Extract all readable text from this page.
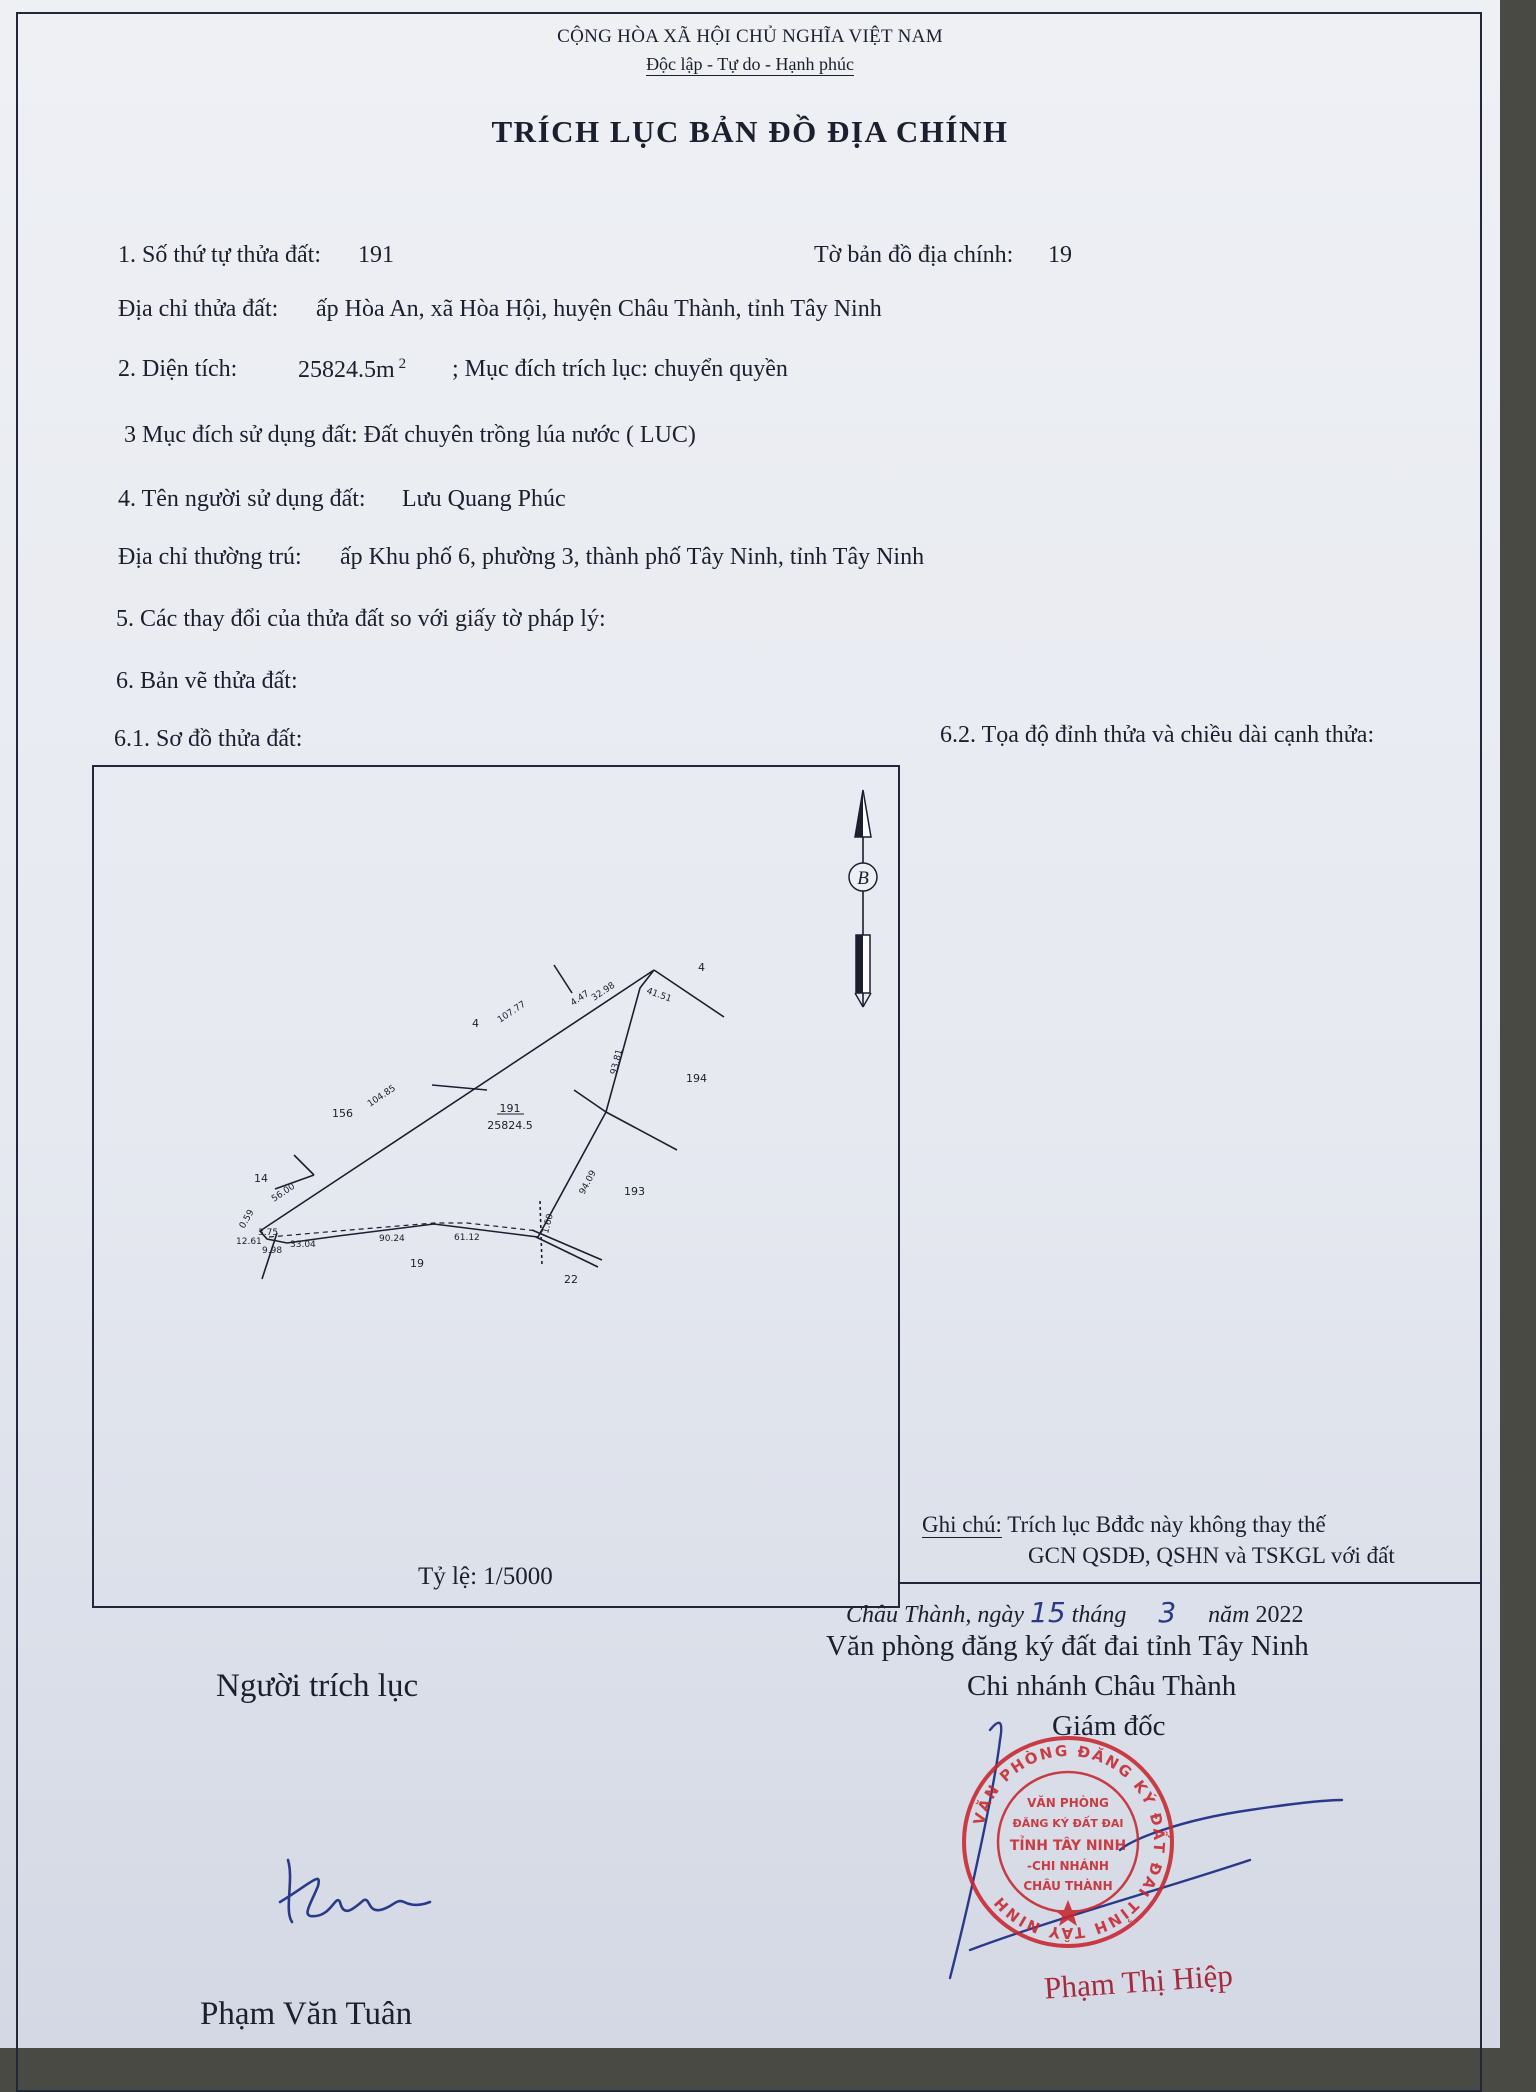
CỘNG HÒA XÃ HỘI CHỦ NGHĨA VIỆT NAM
Độc lập - Tự do - Hạnh phúc
TRÍCH LỤC BẢN ĐỒ ĐỊA CHÍNH
1. Số thứ tự thửa đất: 191	Tờ bản đồ địa chính: 19
Địa chỉ thửa đất: ấp Hòa An, xã Hòa Hội, huyện Châu Thành, tỉnh Tây Ninh
2. Diện tích:	25824.5m $^2$ ; Mục đích trích lục: chuyển quyền
3 Mục đích sử dụng đất: Đất chuyên trồng lúa nước ( LUC)
4. Tên người sử dụng đất: Lưu Quang Phúc
Địa chỉ thường trú: ấp Khu phố 6, phường 3, thành phố Tây Ninh, tỉnh Tây Ninh
5. Các thay đổi của thửa đất so với giấy tờ pháp lý:
6. Bản vẽ thửa đất:
6.1. Sơ đồ thửa đất:	6.2. Tọa độ đỉnh thửa và chiều dài cạnh thửa:
191
25824.5
4
4
194
156
14
193
19
22
107.77
104.85
56.00
32.98	41.51
93.81
94.09
61.12
90.24
33.04
9.98
12.61
3.75
4.47
1.60
0.59
B
Tỷ lệ: 1/5000
Ghi chú: Trích lục Bđđc này không thay thế
GCN QSDĐ, QSHN và TSKGL với đất
Châu Thành, ngày 15 tháng 3 năm 2022
Văn phòng đăng ký đất đai tỉnh Tây Ninh
Chi nhánh Châu Thành
Giám đốc
Người trích lục
Phạm Văn Tuân
VĂN PHÒNG ĐĂNG KÝ ĐẤT ĐAI TỈNH TÂY NINH
VĂN PHÒNG
ĐĂNG KÝ ĐẤT ĐAI
TỈNH TÂY NINH
-CHI NHÁNH
CHÂU THÀNH
Phạm Thị Hiệp
